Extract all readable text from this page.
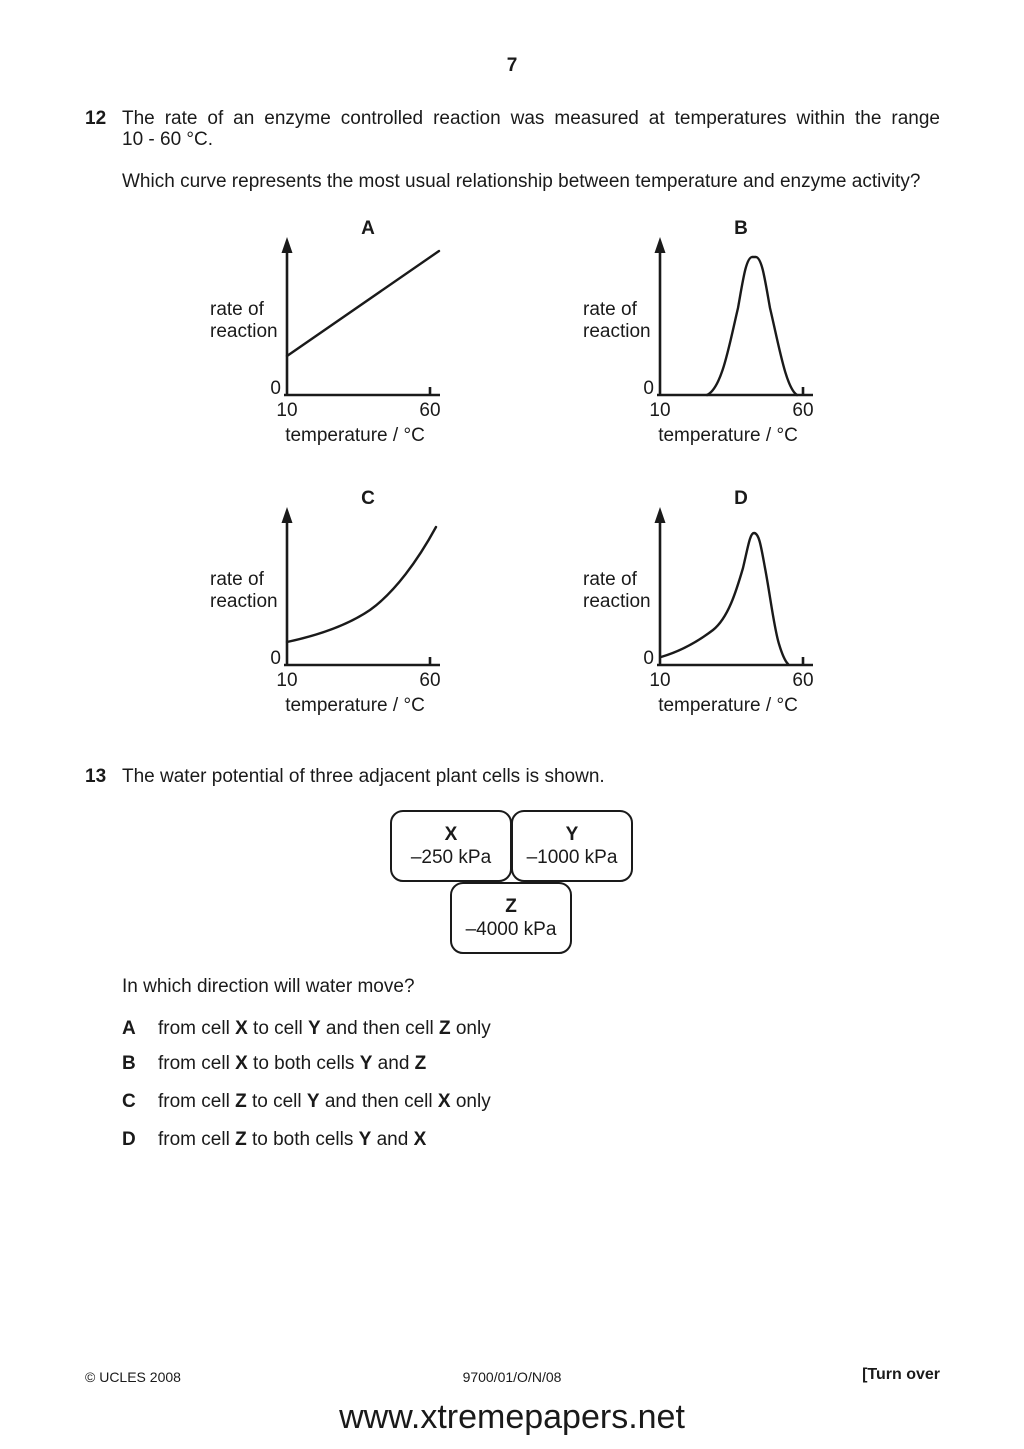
7
12 The rate of an enzyme controlled reaction was measured at temperatures within the range
10 - 60 °C.
Which curve represents the most usual relationship between temperature and enzyme activity?
A
rate of
reaction
0
10	60
temperature / °C
B
rate of
reaction
0
10	60
temperature / °C
C
rate of
reaction
0
10	60
temperature / °C
D
rate of
reaction
0
10	60
temperature / °C
13 The water potential of three adjacent plant cells is shown.
X
–250 kPa
Y
–1000 kPa
Z
–4000 kPa
In which direction will water move?
A	from cell X to cell Y and then cell Z only
B	from cell X to both cells Y and Z
C	from cell Z to cell Y and then cell X only
D	from cell Z to both cells Y and X
© UCLES 2008	9700/01/O/N/08	[Turn over
www.xtremepapers.net
